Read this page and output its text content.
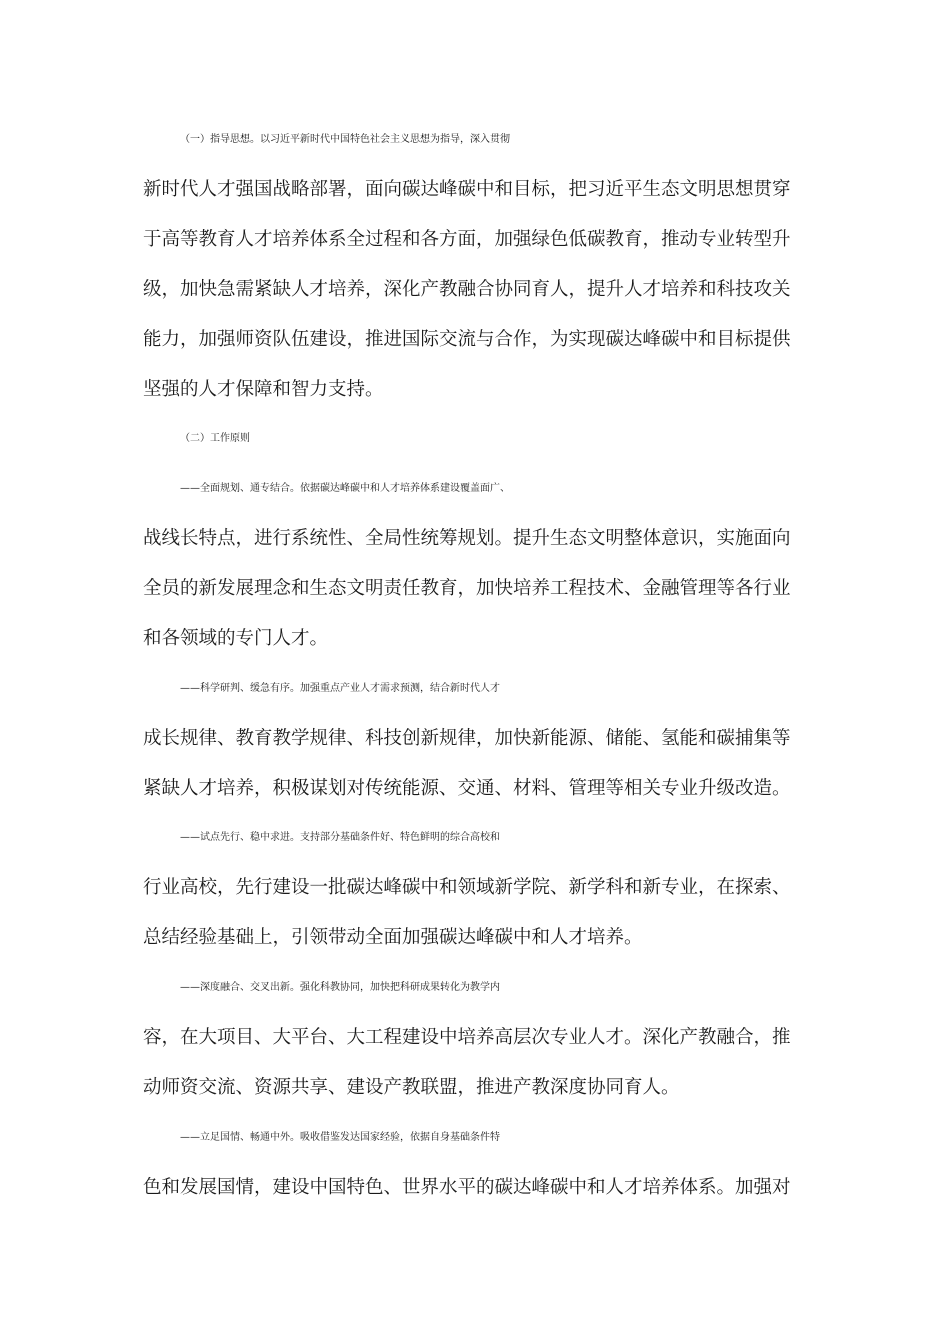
（一）指导思想。以习近平新时代中国特色社会主义思想为指导，深入贯彻
新时代人才强国战略部署，面向碳达峰碳中和目标，把习近平生态文明思想贯穿
于高等教育人才培养体系全过程和各方面，加强绿色低碳教育，推动专业转型升
级，加快急需紧缺人才培养，深化产教融合协同育人，提升人才培养和科技攻关
能力，加强师资队伍建设，推进国际交流与合作，为实现碳达峰碳中和目标提供
坚强的人才保障和智力支持。
（二）工作原则
——全面规划、通专结合。依据碳达峰碳中和人才培养体系建设覆盖面广、
战线长特点，进行系统性、全局性统筹规划。提升生态文明整体意识，实施面向
全员的新发展理念和生态文明责任教育，加快培养工程技术、金融管理等各行业
和各领域的专门人才。
——科学研判、缓急有序。加强重点产业人才需求预测，结合新时代人才
成长规律、教育教学规律、科技创新规律，加快新能源、储能、氢能和碳捕集等
紧缺人才培养，积极谋划对传统能源、交通、材料、管理等相关专业升级改造。
——试点先行、稳中求进。支持部分基础条件好、特色鲜明的综合高校和
行业高校，先行建设一批碳达峰碳中和领域新学院、新学科和新专业，在探索、
总结经验基础上，引领带动全面加强碳达峰碳中和人才培养。
——深度融合、交叉出新。强化科教协同，加快把科研成果转化为教学内
容，在大项目、大平台、大工程建设中培养高层次专业人才。深化产教融合，推
动师资交流、资源共享、建设产教联盟，推进产教深度协同育人。
——立足国情、畅通中外。吸收借鉴发达国家经验，依据自身基础条件特
色和发展国情，建设中国特色、世界水平的碳达峰碳中和人才培养体系。加强对
